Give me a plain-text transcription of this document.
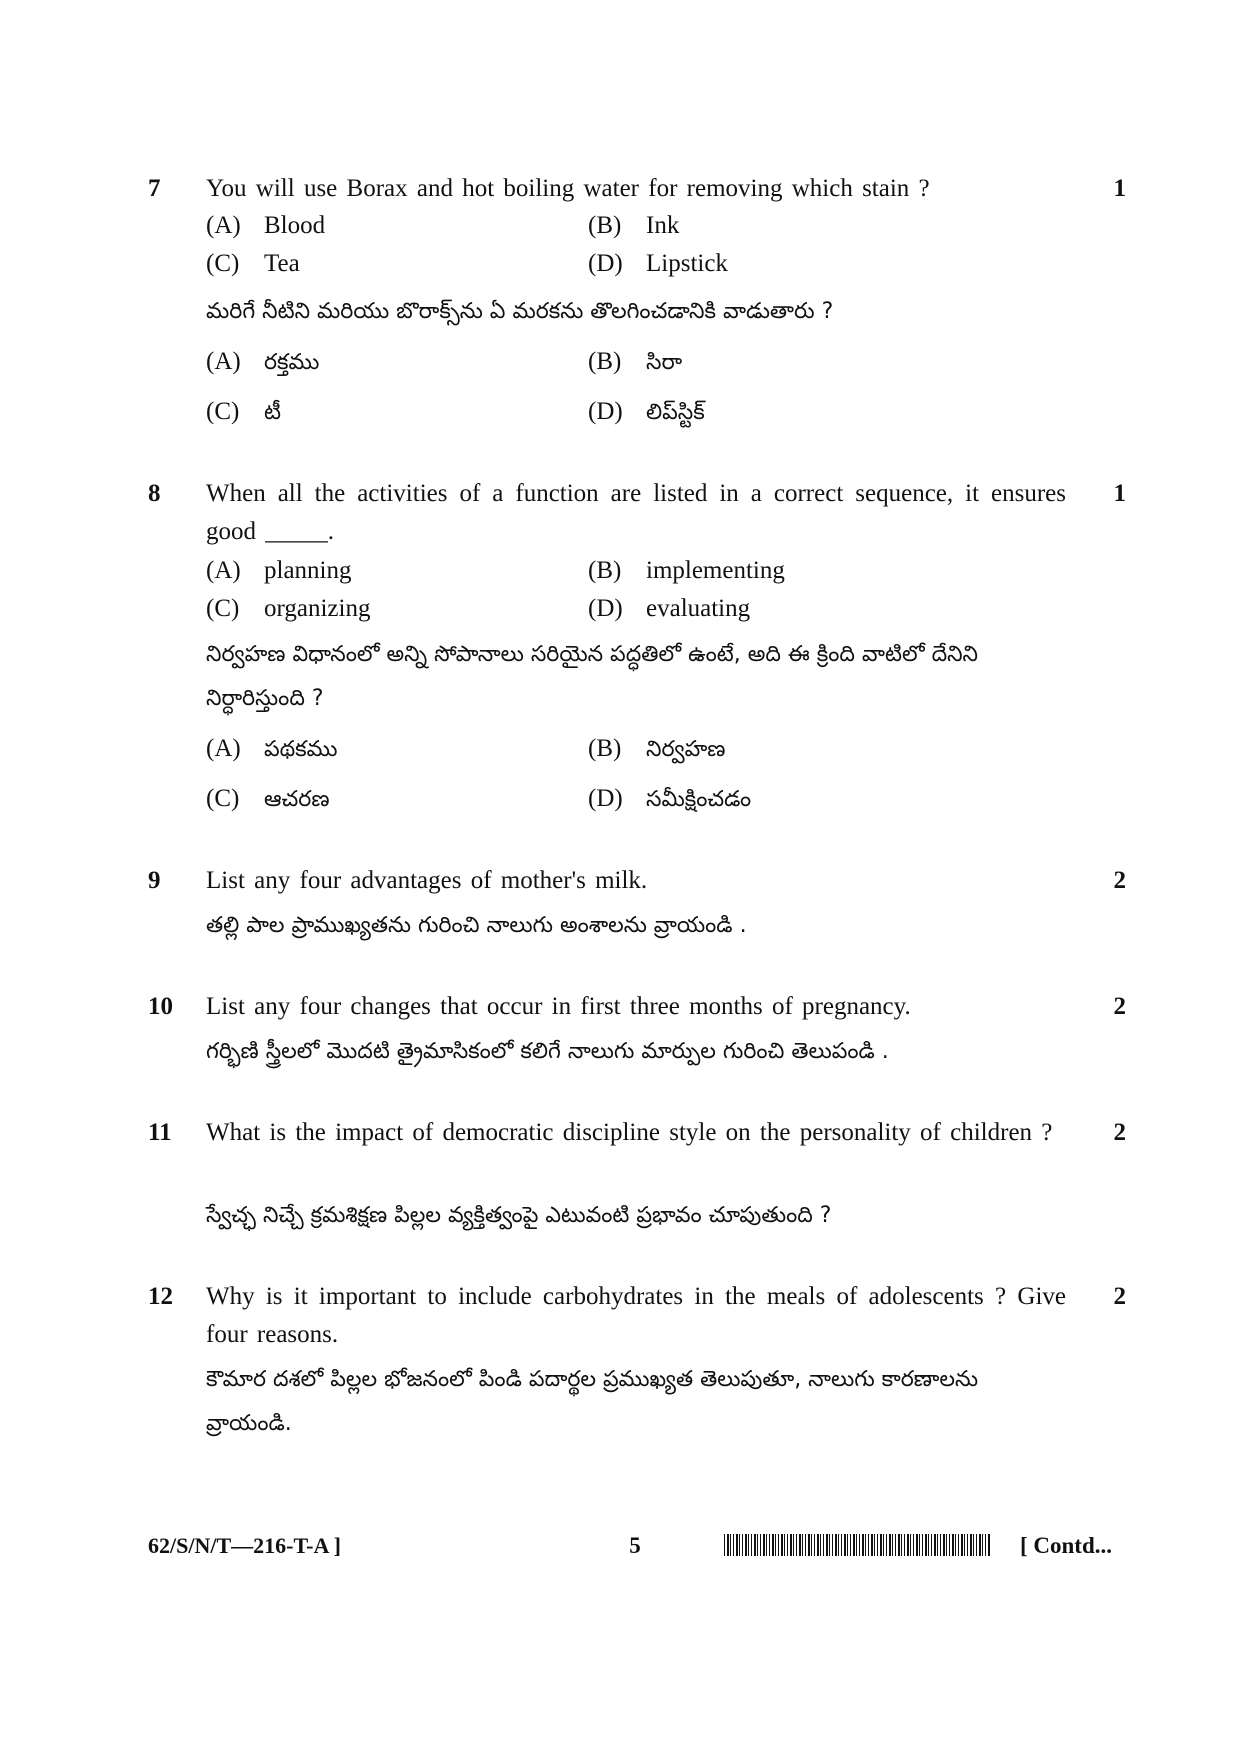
7 You will use Borax and hot boiling water for removing which stain ?	1
(A) Blood	(B) Ink
(C) Tea	(D) Lipstick
మరిగే నీటిని మరియు బొరాక్స్‌ను ఏ మరకను తొలగించడానికి వాడుతారు ?
(A) రక్తము	(B) సిరా
(C) టీ	(D) లిప్‌స్టిక్
8 When all the activities of a function are listed in a correct sequence, it ensures good _____.
1
(A) planning	(B) implementing
(C) organizing	(D) evaluating
నిర్వహణ విధానంలో అన్ని సోపానాలు సరియైన పద్ధతిలో ఉంటే, అది ఈ క్రింది వాటిలో దేనిని నిర్ధారిస్తుంది ?
(A) పథకము	(B) నిర్వహణ
(C) ఆచరణ	(D) సమీక్షించడం
9 List any four advantages of mother's milk.	2
తల్లి పాల ప్రాముఖ్యతను గురించి నాలుగు అంశాలను వ్రాయండి .
10 List any four changes that occur in first three months of pregnancy.	2
గర్భిణి స్త్రీలలో మొదటి త్రైమాసికంలో కలిగే నాలుగు మార్పుల గురించి తెలుపండి .
11 What is the impact of democratic discipline style on the personality of children ?	2
స్వేచ్ఛ నిచ్చే క్రమశిక్షణ పిల్లల వ్యక్తిత్వంపై ఎటువంటి ప్రభావం చూపుతుంది ?
12 Why is it important to include carbohydrates in the meals of adolescents ? Give four reasons.
2
కౌమార దశలో పిల్లల భోజనంలో పిండి పదార్థల ప్రముఖ్యత తెలుపుతూ, నాలుగు కారణాలను వ్రాయండి.
62/S/N/T—216-T-A ]	5	[ Contd...
